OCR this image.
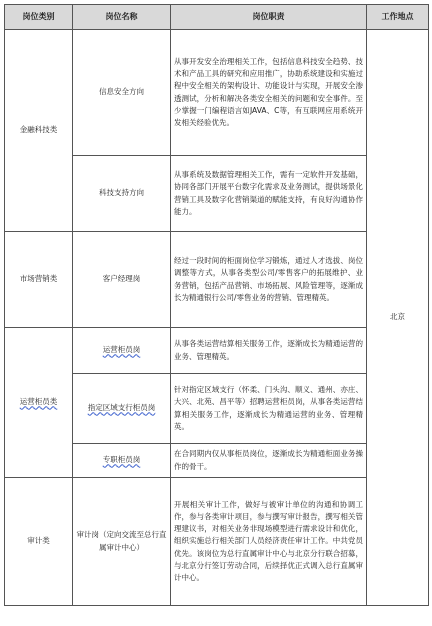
岗位类别	岗位名称	岗位职责	工作地点
金融科技类	信息安全方向	从事开发安全治理相关工作，包括信息科技安全趋势、技术和产品工具的研究和应用推广，协助系统建设和实施过程中安全相关的架构设计、功能设计与实现，开展安全渗透测试，分析和解决各类安全相关的问题和安全事件。至少掌握一门编程语言如JAVA、C等，有互联网应用系统开发相关经验优先。	北京
	科技支持方向	从事系统及数据管理相关工作，需有一定软件开发基础，协同各部门开展平台数字化需求及业务测试，提供场景化营销工具及数字化营销渠道的赋能支持，有良好沟通协作能力。	
市场营销类	客户经理岗	经过一段时间的柜面岗位学习锻炼，通过人才选拔、岗位调整等方式，从事各类型公司/零售客户的拓展维护、业务营销，包括产品营销、市场拓展、风险管理等，逐渐成长为精通银行公司/零售业务的营销、管理精英。	
运营柜员类	运营柜员岗	从事各类运营结算相关服务工作，逐渐成长为精通运营的业务、管理精英。	
	指定区域支行柜员岗	针对指定区域支行（怀柔、门头沟、顺义、通州、亦庄、大兴、北苑、昌平等）招聘运营柜员岗，从事各类运营结算相关服务工作，逐渐成长为精通运营的业务、管理精英。	
	专职柜员岗	在合同期内仅从事柜员岗位，逐渐成长为精通柜面业务操作的骨干。	
审计类	审计岗（定向交流至总行直属审计中心）	开展相关审计工作，做好与被审计单位的沟通和协调工作，参与各类审计项目，参与撰写审计报告，撰写相关管理建议书，对相关业务非现场模型进行需求设计和优化，组织实施总行相关部门人员经济责任审计工作。中共党员优先。该岗位为总行直属审计中心与北京分行联合招募，与北京分行签订劳动合同，后续择优正式调入总行直属审计中心。	
